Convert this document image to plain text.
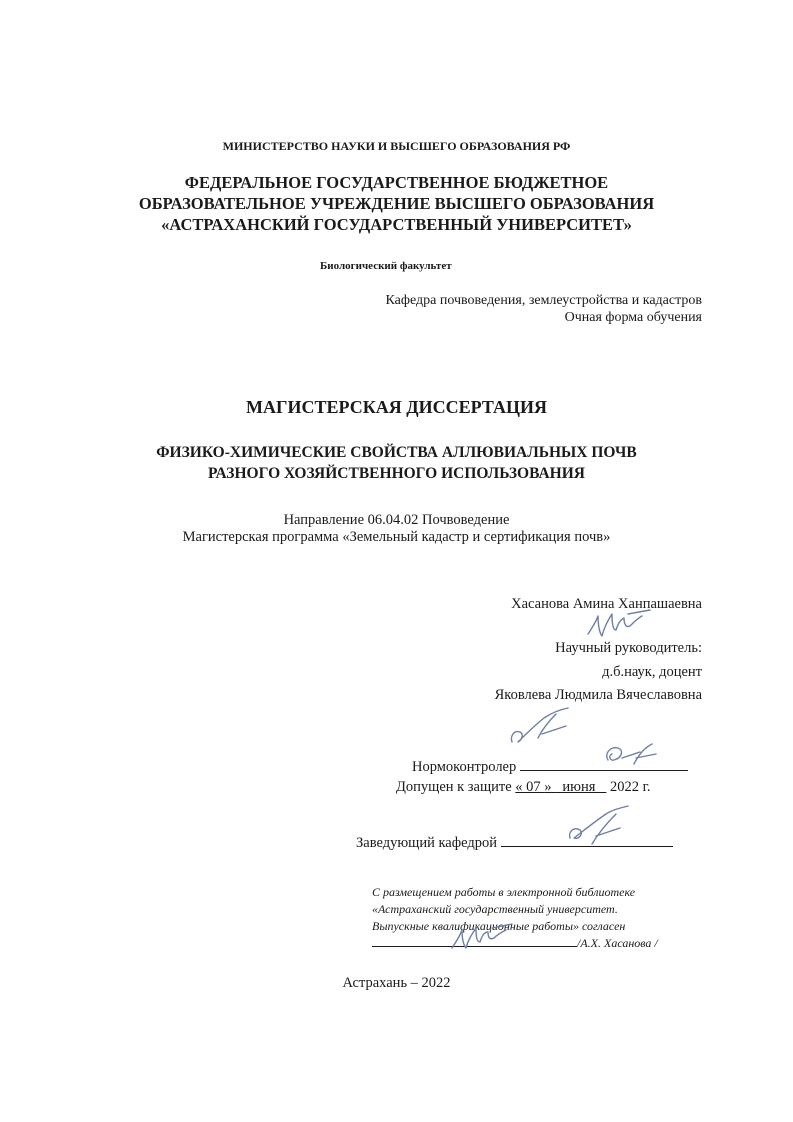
МИНИСТЕРСТВО НАУКИ И ВЫСШЕГО ОБРАЗОВАНИЯ РФ
ФЕДЕРАЛЬНОЕ ГОСУДАРСТВЕННОЕ БЮДЖЕТНОЕ
ОБРАЗОВАТЕЛЬНОЕ УЧРЕЖДЕНИЕ ВЫСШЕГО ОБРАЗОВАНИЯ
«АСТРАХАНСКИЙ ГОСУДАРСТВЕННЫЙ УНИВЕРСИТЕТ»
Биологический факультет
Кафедра почвоведения, землеустройства и кадастров
Очная форма обучения
МАГИСТЕРСКАЯ ДИССЕРТАЦИЯ
ФИЗИКО-ХИМИЧЕСКИЕ СВОЙСТВА АЛЛЮВИАЛЬНЫХ ПОЧВ
РАЗНОГО ХОЗЯЙСТВЕННОГО ИСПОЛЬЗОВАНИЯ
Направление 06.04.02 Почвоведение
Магистерская программа «Земельный кадастр и сертификация почв»
Хасанова Амина Ханпашаевна
Научный руководитель:
д.б.наук, доцент
Яковлева Людмила Вячеславовна
Нормоконтролер
Допущен к защите « 07 »   июня    2022 г.
Заведующий кафедрой
С размещением работы в электронной библиотеке
«Астраханский государственный университет.
Выпускные квалификационные работы» согласен
/А.Х. Хасанова /
Астрахань – 2022
